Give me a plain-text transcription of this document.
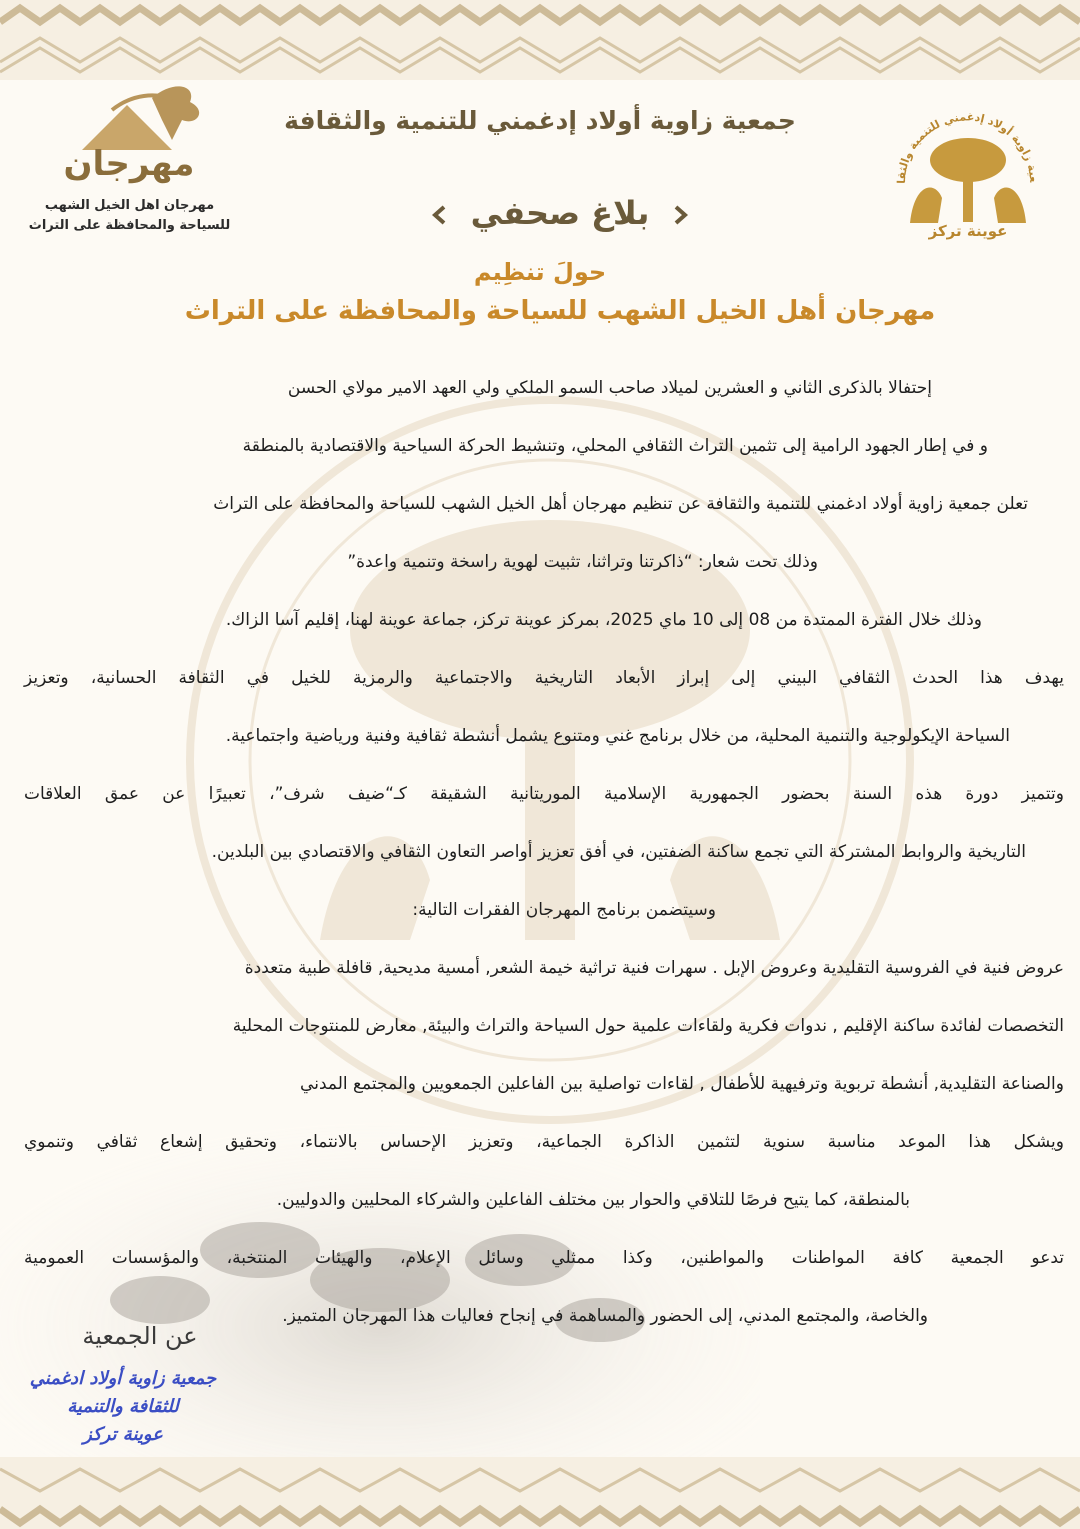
مهرجان
مهرجان اهل الخيل الشهب
للسياحة والمحافظة على التراث
عية زاوية أولاد إدغمني للتنمية والثقا
عوينة تركز
جمعية زاوية أولاد إدغمني للتنمية والثقافة
بلاغ صحفي
حولَ تنظِيم
مهرجان أهل الخيل الشهب للسياحة والمحافظة على التراث
إحتفالا بالذكرى الثاني و العشرين لميلاد صاحب السمو الملكي ولي العهد الامير مولاي الحسن
و في إطار الجهود الرامية إلى تثمين التراث الثقافي المحلي، وتنشيط الحركة السياحية والاقتصادية بالمنطقة
تعلن جمعية زاوية أولاد ادغمني للتنمية والثقافة عن تنظيم مهرجان أهل الخيل الشهب للسياحة والمحافظة على التراث
وذلك تحت شعار: “ذاكرتنا وتراثنا، تثبيت لهوية راسخة وتنمية واعدة”
وذلك خلال الفترة الممتدة من 08 إلى 10 ماي 2025، بمركز عوينة تركز، جماعة عوينة لهنا، إقليم آسا الزاك.
يهدف هذا الحدث الثقافي البيني إلى إبراز الأبعاد التاريخية والاجتماعية والرمزية للخيل في الثقافة الحسانية، وتعزيز
السياحة الإيكولوجية والتنمية المحلية، من خلال برنامج غني ومتنوع يشمل أنشطة ثقافية وفنية ورياضية واجتماعية.
وتتميز دورة هذه السنة بحضور الجمهورية الإسلامية الموريتانية الشقيقة كـ“ضيف شرف”، تعبيرًا عن عمق العلاقات
التاريخية والروابط المشتركة التي تجمع ساكنة الضفتين، في أفق تعزيز أواصر التعاون الثقافي والاقتصادي بين البلدين.
وسيتضمن برنامج المهرجان الفقرات التالية:
عروض فنية في الفروسية التقليدية وعروض الإبل . سهرات فنية تراثية خيمة الشعر, أمسية مديحية, قافلة طبية متعددة
التخصصات لفائدة ساكنة الإقليم , ندوات فكرية ولقاءات علمية حول السياحة والتراث والبيئة, معارض للمنتوجات المحلية
والصناعة التقليدية, أنشطة تربوية وترفيهية للأطفال , لقاءات تواصلية بين الفاعلين الجمعويين والمجتمع المدني
ويشكل هذا الموعد مناسبة سنوية لتثمين الذاكرة الجماعية، وتعزيز الإحساس بالانتماء، وتحقيق إشعاع ثقافي وتنموي
بالمنطقة، كما يتيح فرصًا للتلاقي والحوار بين مختلف الفاعلين والشركاء المحليين والدوليين.
تدعو الجمعية كافة المواطنات والمواطنين، وكذا ممثلي وسائل الإعلام، والهيئات المنتخبة، والمؤسسات العمومية
والخاصة، والمجتمع المدني، إلى الحضور والمساهمة في إنجاح فعاليات هذا المهرجان المتميز.
عن الجمعية
جمعية زاوية أولاد ادغمني
للثقافة والتنمية
عوينة تركز
